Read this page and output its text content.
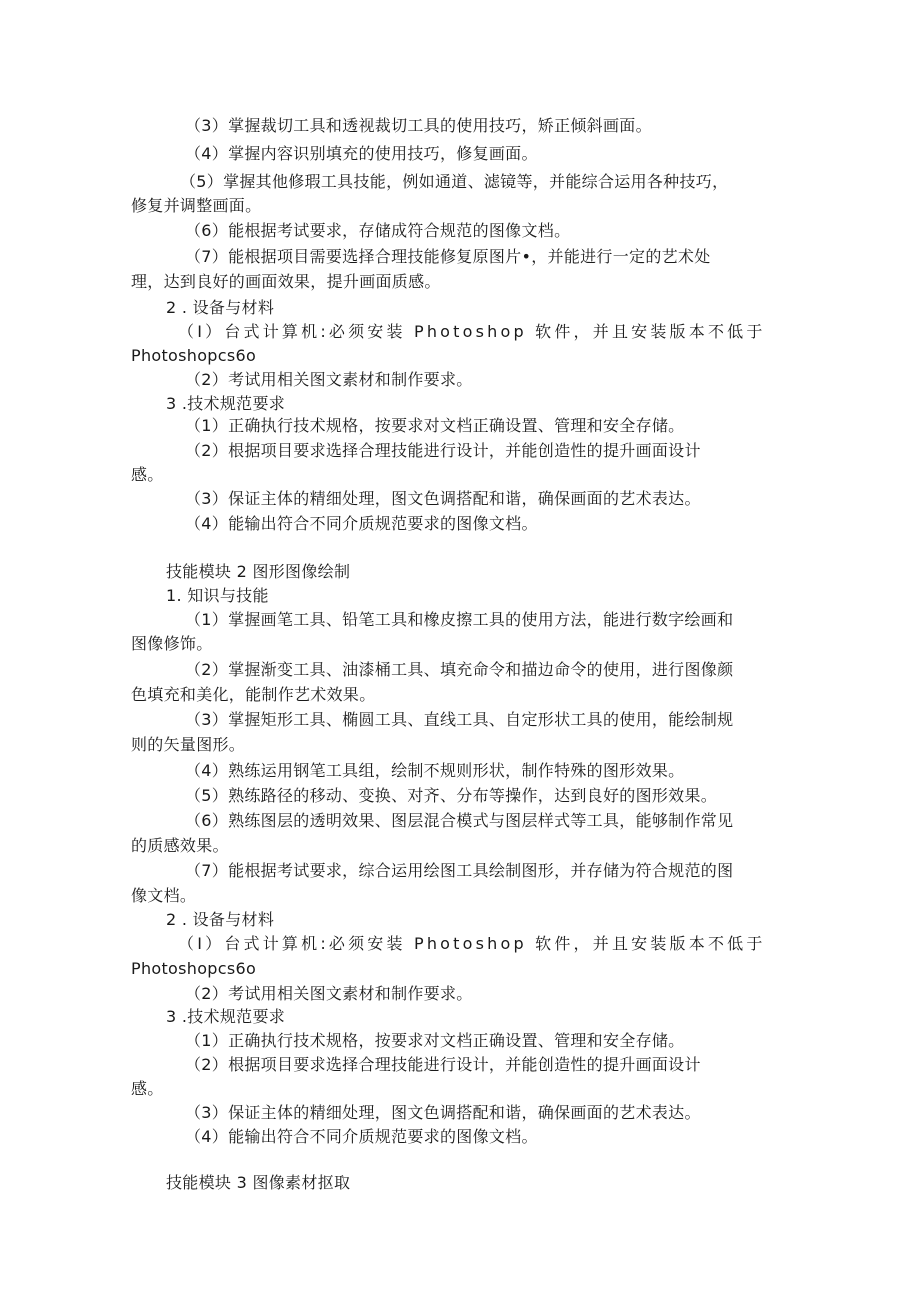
（3）掌握裁切工具和透视裁切工具的使用技巧，矫正倾斜画面。
（4）掌握内容识别填充的使用技巧，修复画面。
（5）掌握其他修瑕工具技能，例如通道、滤镜等，并能综合运用各种技巧，
修复并调整画面。
（6）能根据考试要求，存储成符合规范的图像文档。
（7）能根据项目需要选择合理技能修复原图片•，并能进行一定的艺术处
理，达到良好的画面效果，提升画面质感。
2 . 设备与材料
（I）台式计算机:必须安装 Photoshop 软件，并且安装版本不低于
Photoshopcs6o
（2）考试用相关图文素材和制作要求。
3 .技术规范要求
（1）正确执行技术规格，按要求对文档正确设置、管理和安全存储。
（2）根据项目要求选择合理技能进行设计，并能创造性的提升画面设计
感。
（3）保证主体的精细处理，图文色调搭配和谐，确保画面的艺术表达。
（4）能输出符合不同介质规范要求的图像文档。
技能模块 2 图形图像绘制
1. 知识与技能
（1）掌握画笔工具、铅笔工具和橡皮擦工具的使用方法，能进行数字绘画和
图像修饰。
（2）掌握渐变工具、油漆桶工具、填充命令和描边命令的使用，进行图像颜
色填充和美化，能制作艺术效果。
（3）掌握矩形工具、椭圆工具、直线工具、自定形状工具的使用，能绘制规
则的矢量图形。
（4）熟练运用钢笔工具组，绘制不规则形状，制作特殊的图形效果。
（5）熟练路径的移动、变换、对齐、分布等操作，达到良好的图形效果。
（6）熟练图层的透明效果、图层混合模式与图层样式等工具，能够制作常见
的质感效果。
（7）能根据考试要求，综合运用绘图工具绘制图形，并存储为符合规范的图
像文档。
2 . 设备与材料
（I）台式计算机:必须安装 Photoshop 软件，并且安装版本不低于
Photoshopcs6o
（2）考试用相关图文素材和制作要求。
3 .技术规范要求
（1）正确执行技术规格，按要求对文档正确设置、管理和安全存储。
（2）根据项目要求选择合理技能进行设计，并能创造性的提升画面设计
感。
（3）保证主体的精细处理，图文色调搭配和谐，确保画面的艺术表达。
（4）能输出符合不同介质规范要求的图像文档。
技能模块 3 图像素材抠取
